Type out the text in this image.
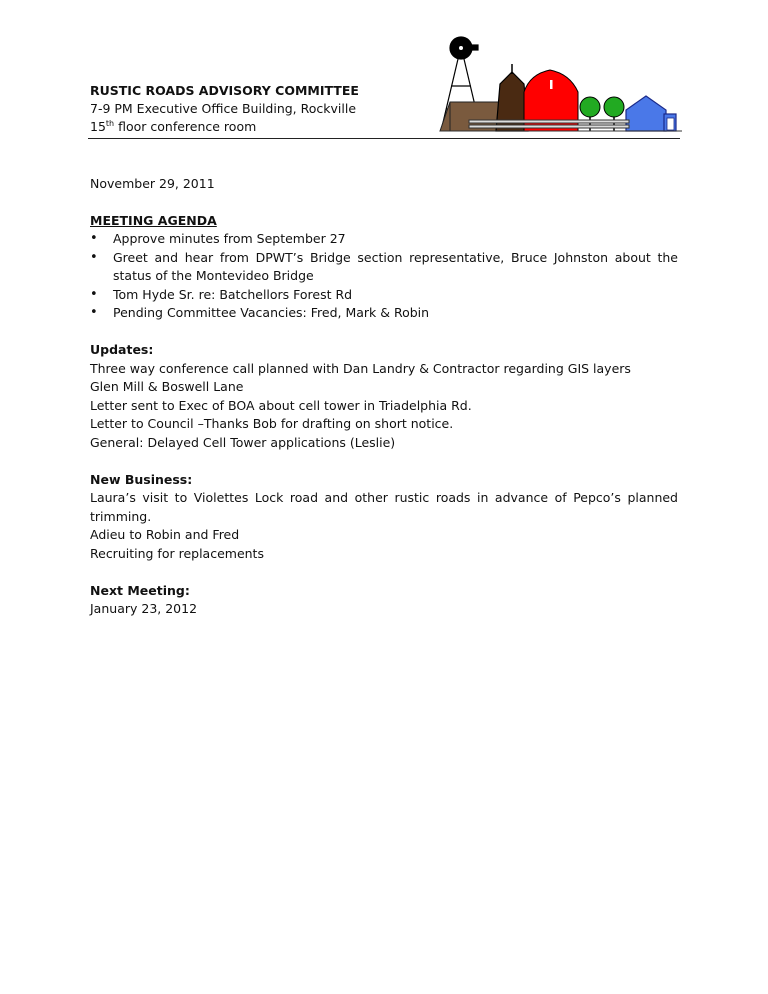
RUSTIC ROADS ADVISORY COMMITTEE
7-9 PM Executive Office Building, Rockville
15th floor conference room

November 29, 2011

MEETING AGENDA
• Approve minutes from September 27
• Greet and hear from DPWT’s Bridge section representative, Bruce Johnston about the status of the Montevideo Bridge
• Tom Hyde Sr. re: Batchellors Forest Rd
• Pending Committee Vacancies: Fred, Mark & Robin
Updates:

Three way conference call planned with Dan Landry & Contractor regarding GIS layers

Glen Mill & Boswell Lane

Letter sent to Exec of BOA about cell tower in Triadelphia Rd.

Letter to Council –Thanks Bob for drafting on short notice.

General: Delayed Cell Tower applications (Leslie)

New Business:

Laura’s visit to Violettes Lock road and other rustic roads in advance of Pepco’s planned trimming.

Adieu to Robin and Fred

Recruiting for replacements

Next Meeting:

January 23, 2012
